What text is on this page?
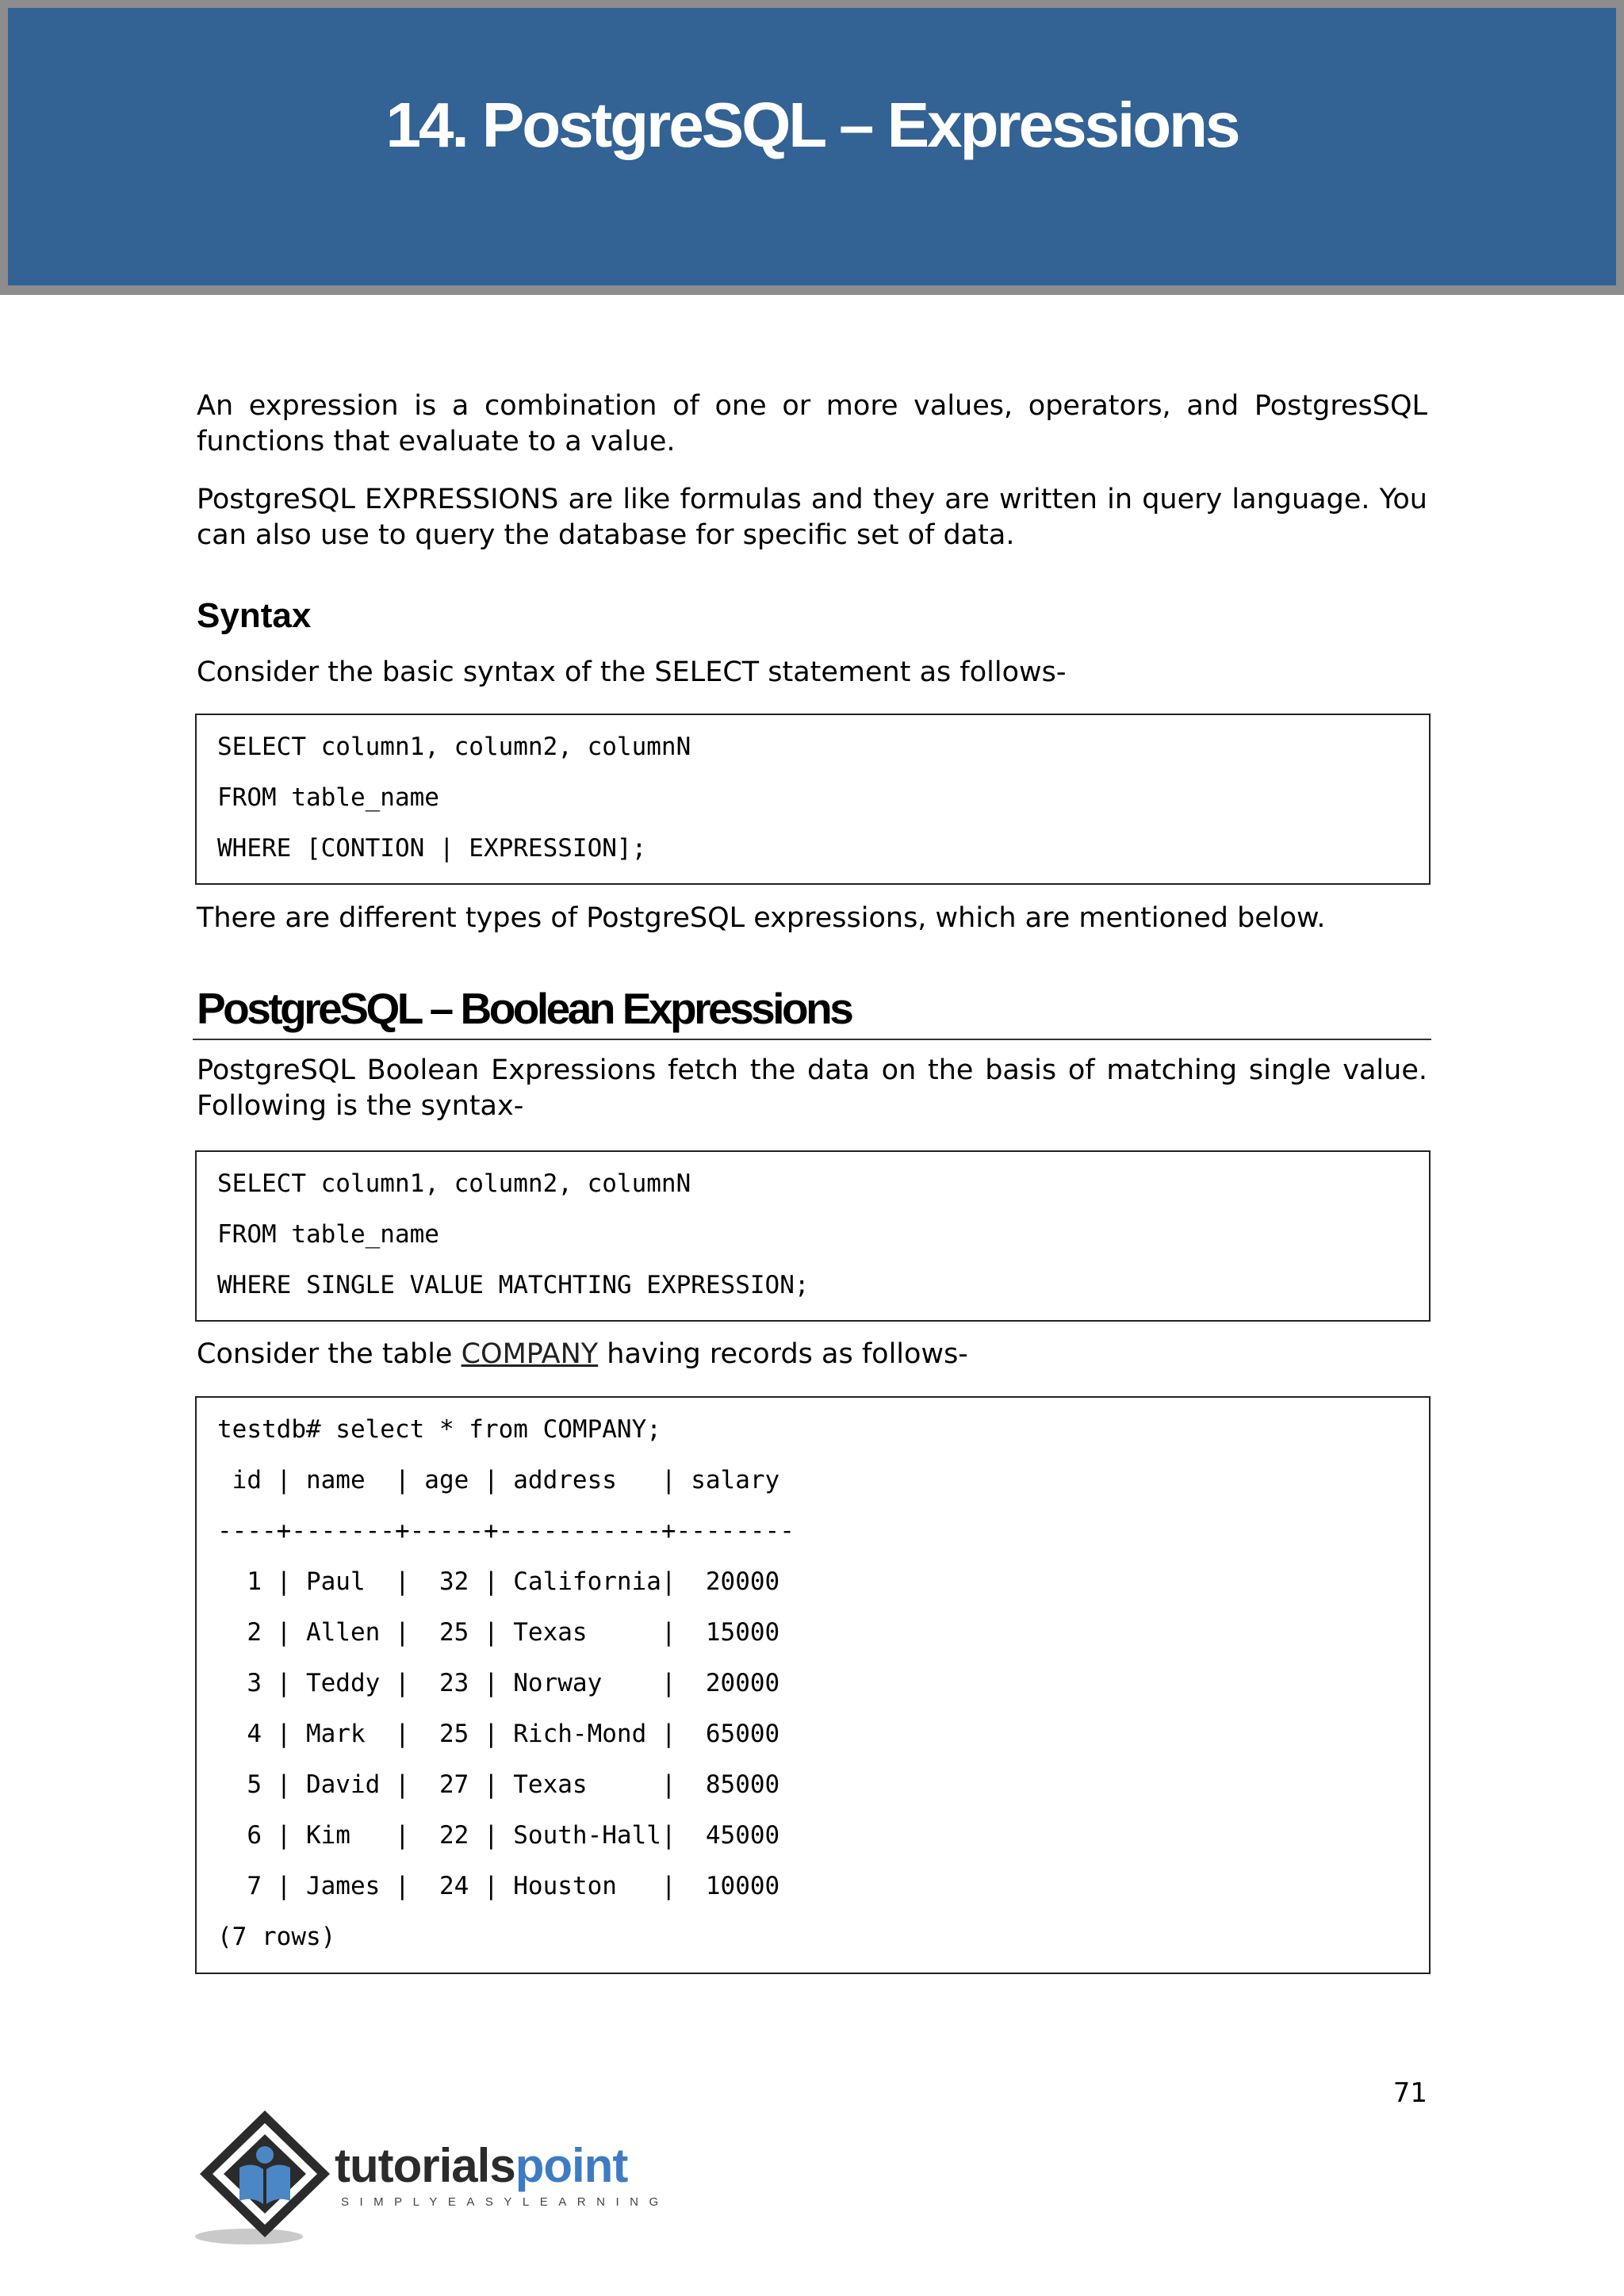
14. PostgreSQL – Expressions

An expression is a combination of one or more values, operators, and PostgresSQL functions that evaluate to a value.

PostgreSQL EXPRESSIONS are like formulas and they are written in query language. You can also use to query the database for specific set of data.

Syntax

Consider the basic syntax of the SELECT statement as follows-

SELECT column1, column2, columnN
FROM table_name
WHERE [CONTION | EXPRESSION];

There are different types of PostgreSQL expressions, which are mentioned below.

PostgreSQL – Boolean Expressions

PostgreSQL Boolean Expressions fetch the data on the basis of matching single value. Following is the syntax-

SELECT column1, column2, columnN
FROM table_name
WHERE SINGLE VALUE MATCHTING EXPRESSION;

Consider the table COMPANY having records as follows-

testdb# select * from COMPANY;
id | name  | age | address   | salary
----+-------+-----+-----------+--------
1 | Paul  |  32 | California|  20000
2 | Allen |  25 | Texas     |  15000
3 | Teddy |  23 | Norway    |  20000
4 | Mark  |  25 | Rich-Mond |  65000
5 | David |  27 | Texas     |  85000
6 | Kim   |  22 | South-Hall|  45000
7 | James |  24 | Houston   |  10000
(7 rows)
71
tutorialspoint
SIMPLYEASYLEARNING
